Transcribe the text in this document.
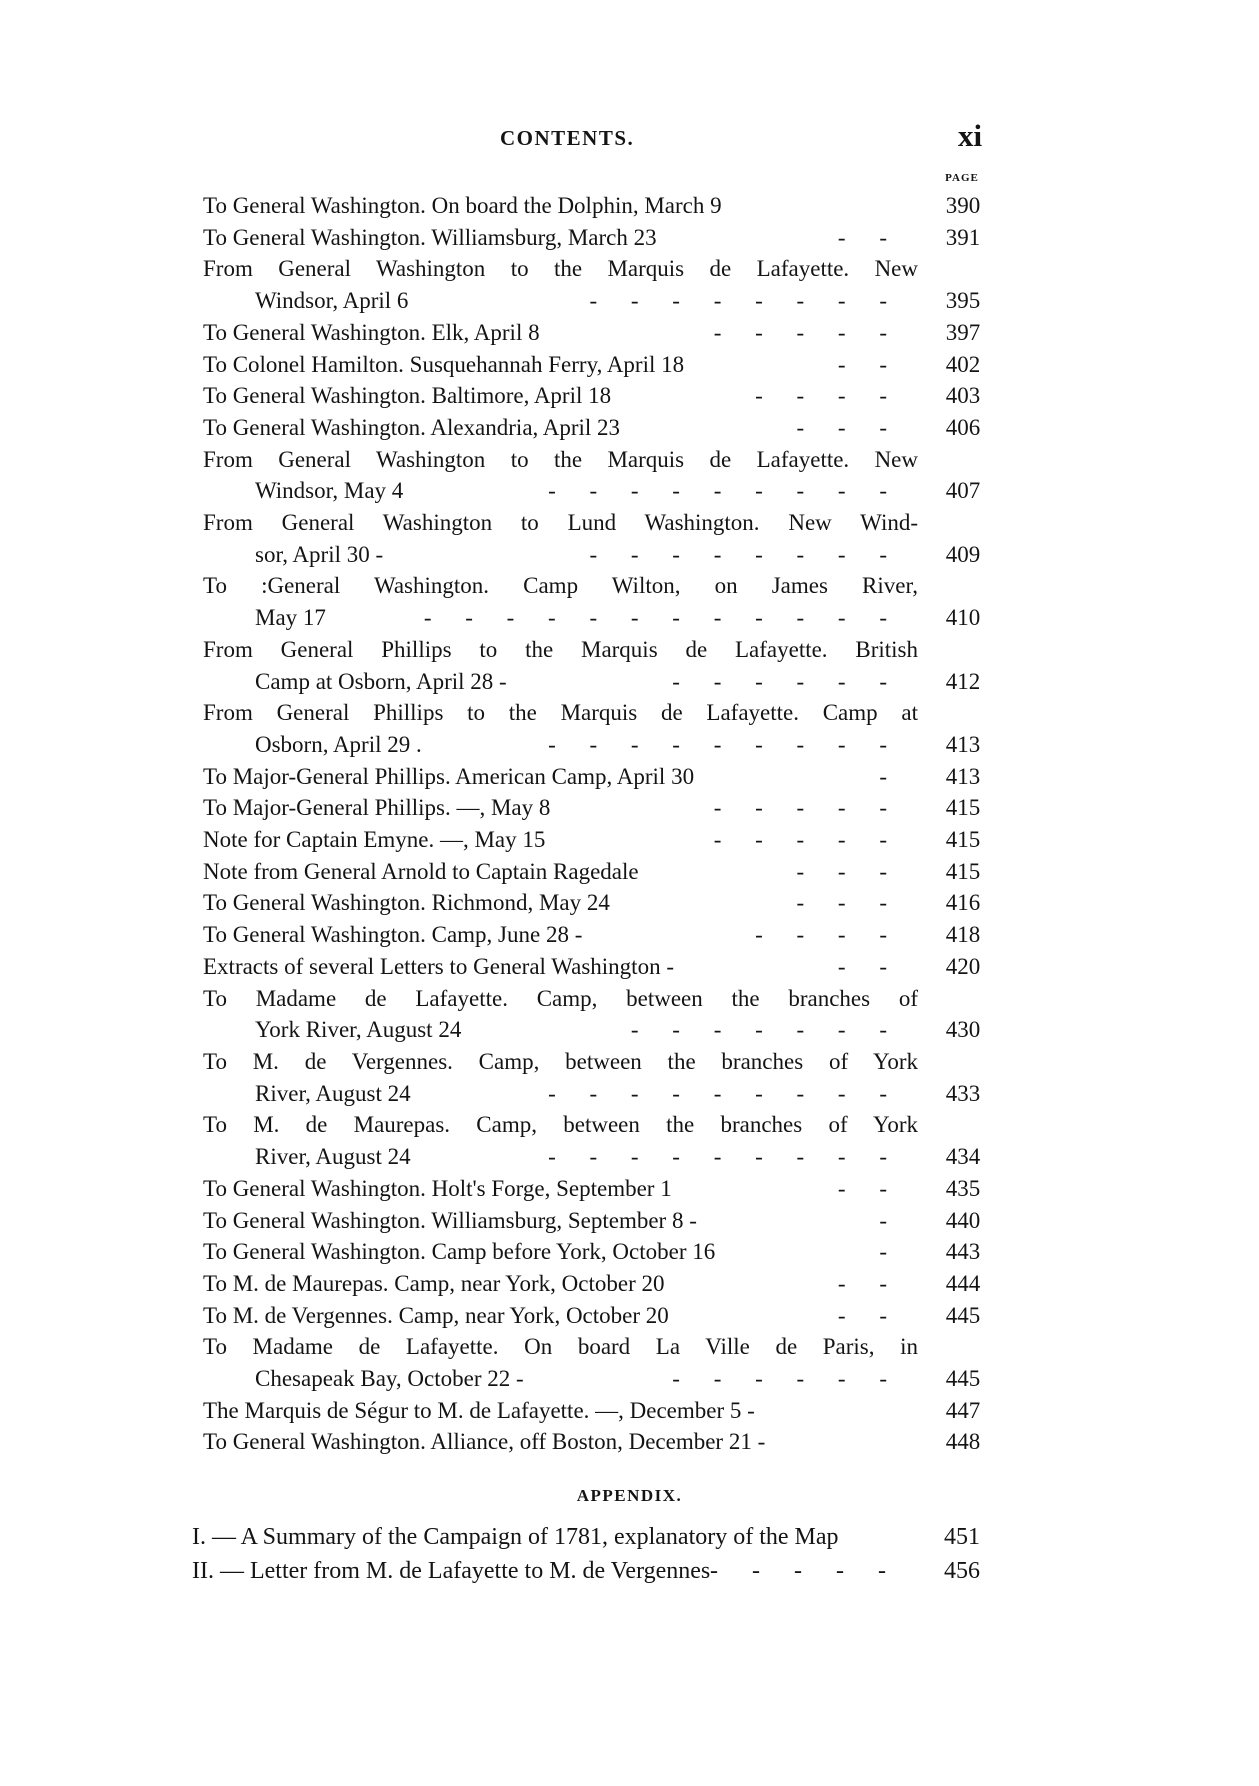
CONTENTS.	xi
PAGE
To General Washington. On board the Dolphin, March 9	390
To General Washington. Williamsburg, March 23	- -	391
From General Washington to the Marquis de Lafayette. New
Windsor, April 6	- - - - - - - -	395
To General Washington. Elk, April 8	- - - - -	397
To Colonel Hamilton. Susquehannah Ferry, April 18	- -	402
To General Washington. Baltimore, April 18	- - - -	403
To General Washington. Alexandria, April 23	- - -	406
From General Washington to the Marquis de Lafayette. New
Windsor, May 4	- - - - - - - - -	407
From General Washington to Lund Washington. New Wind-
sor, April 30 -	- - - - - - - -	409
To :General Washington. Camp Wilton, on James River,
May 17	- - - - - - - - - - - -	410
From General Phillips to the Marquis de Lafayette. British
Camp at Osborn, April 28 -	- - - - - -	412
From General Phillips to the Marquis de Lafayette. Camp at
Osborn, April 29 .	- - - - - - - - -	413
To Major-General Phillips. American Camp, April 30	-	413
To Major-General Phillips. —, May 8	- - - - -	415
Note for Captain Emyne. —, May 15	- - - - -	415
Note from General Arnold to Captain Ragedale	- - -	415
To General Washington. Richmond, May 24	- - -	416
To General Washington. Camp, June 28 -	- - - -	418
Extracts of several Letters to General Washington -	- -	420
To Madame de Lafayette. Camp, between the branches of
York River, August 24	- - - - - - -	430
To M. de Vergennes. Camp, between the branches of York
River, August 24	- - - - - - - - -	433
To M. de Maurepas. Camp, between the branches of York
River, August 24	- - - - - - - - -	434
To General Washington. Holt's Forge, September 1	- -	435
To General Washington. Williamsburg, September 8 -	-	440
To General Washington. Camp before York, October 16	-	443
To M. de Maurepas. Camp, near York, October 20	- -	444
To M. de Vergennes. Camp, near York, October 20	- -	445
To Madame de Lafayette. On board La Ville de Paris, in
Chesapeak Bay, October 22 -	- - - - - -	445
The Marquis de Ségur to M. de Lafayette. —, December 5 -	447
To General Washington. Alliance, off Boston, December 21 -	448
APPENDIX.
I. — A Summary of the Campaign of 1781, explanatory of the Map	451
II. — Letter from M. de Lafayette to M. de Vergennes - - - - -	456
